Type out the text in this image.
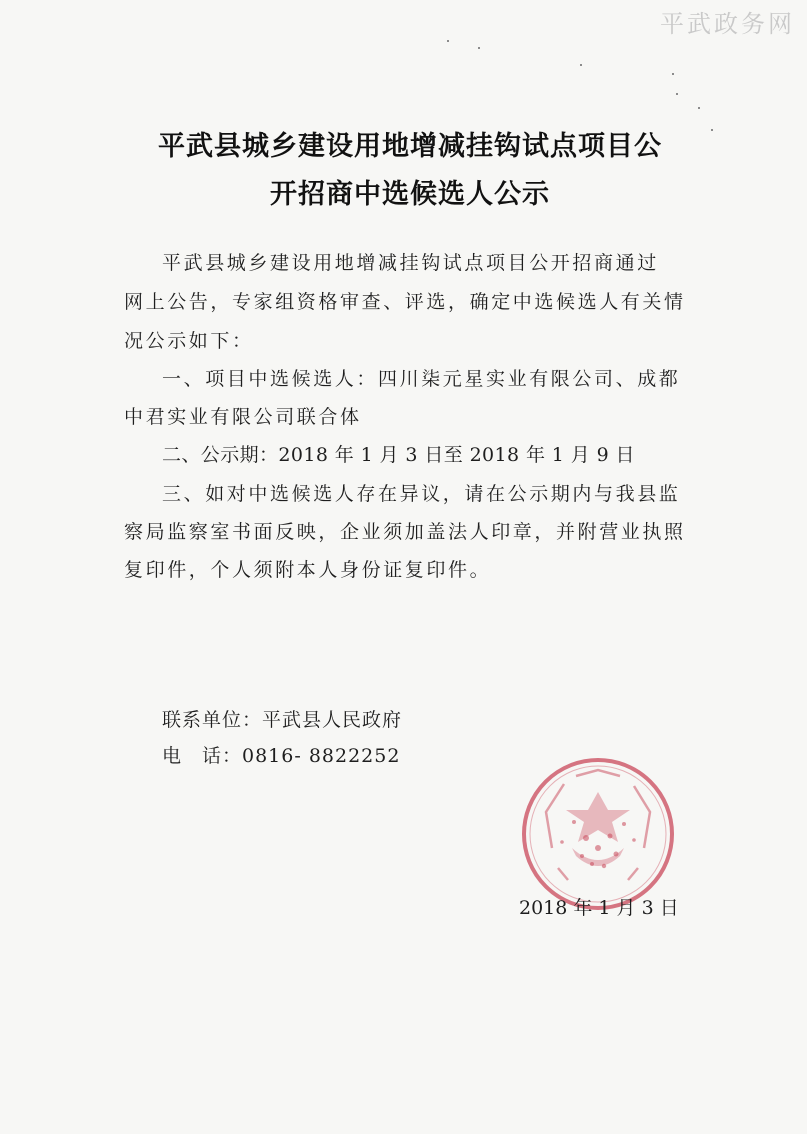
平武政务网
平武县城乡建设用地增减挂钩试点项目公
开招商中选候选人公示
平武县城乡建设用地增减挂钩试点项目公开招商通过
网上公告，专家组资格审查、评选，确定中选候选人有关情
况公示如下：
一、项目中选候选人：四川柒元星实业有限公司、成都
中君实业有限公司联合体
二、公示期：2018 年 1 月 3 日至 2018 年 1 月 9 日
三、如对中选候选人存在异议，请在公示期内与我县监
察局监察室书面反映，企业须加盖法人印章，并附营业执照
复印件，个人须附本人身份证复印件。
联系单位：平武县人民政府
电　话：0816- 8822252
2018 年 1 月 3 日
